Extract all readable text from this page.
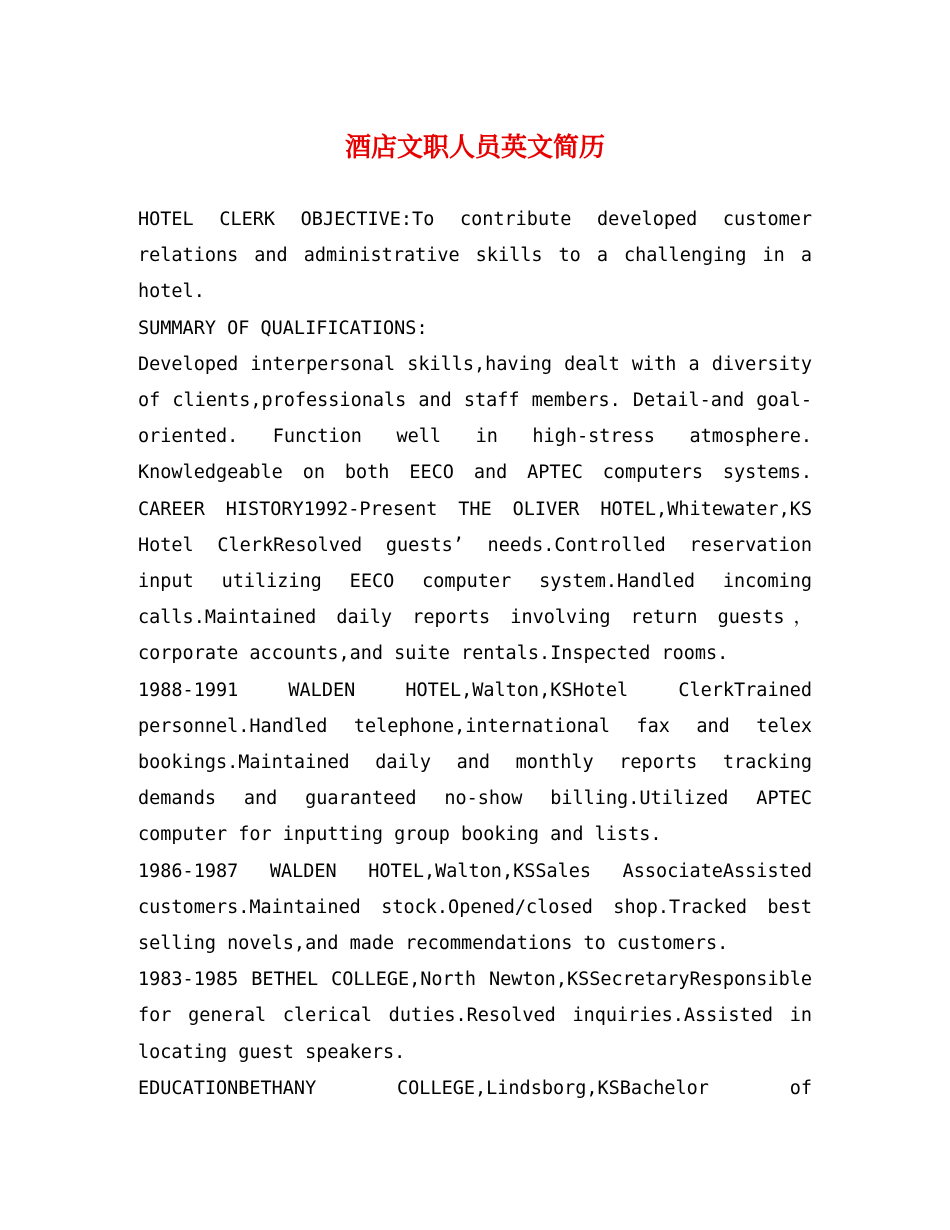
酒店文职人员英文简历

HOTEL CLERK OBJECTIVE:To contribute developed customer relations and administrative skills to a challenging in a hotel.

SUMMARY OF QUALIFICATIONS:

Developed interpersonal skills,having dealt with a diversity of clients,professionals and staff members. Detail-and goal-oriented. Function well in high-stress atmosphere. Knowledgeable on both EECO and APTEC computers systems. CAREER HISTORY1992-Present THE OLIVER HOTEL,Whitewater,KS Hotel ClerkResolved guests’ needs.Controlled reservation input utilizing EECO computer system.Handled incoming calls.Maintained daily reports involving return guests，corporate accounts,and suite rentals.Inspected rooms.

1988-1991 WALDEN HOTEL,Walton,KSHotel ClerkTrained personnel.Handled telephone,international fax and telex bookings.Maintained daily and monthly reports tracking demands and guaranteed no-show billing.Utilized APTEC computer for inputting group booking and lists.

1986-1987 WALDEN HOTEL,Walton,KSSales AssociateAssisted customers.Maintained stock.Opened/closed shop.Tracked best selling novels,and made recommendations to customers.

1983-1985 BETHEL COLLEGE,North Newton,KSSecretaryResponsible for general clerical duties.Resolved inquiries.Assisted in locating guest speakers.

EDUCATIONBETHANY COLLEGE,Lindsborg,KSBachelor of
